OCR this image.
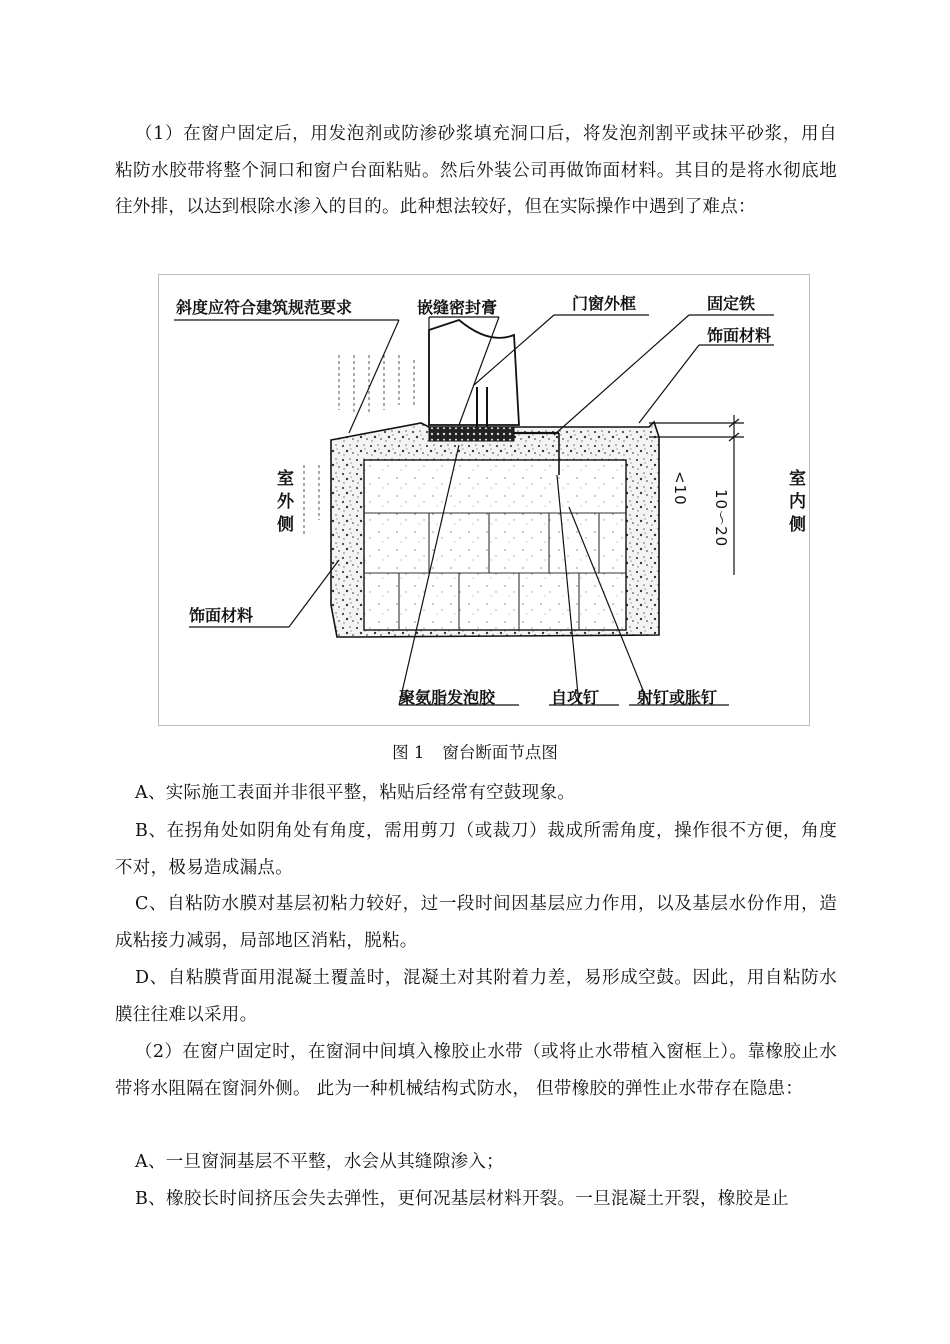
（1）在窗户固定后，用发泡剂或防渗砂浆填充洞口后，将发泡剂割平或抹平砂浆，用自粘防水胶带将整个洞口和窗户台面粘贴。然后外装公司再做饰面材料。其目的是将水彻底地往外排，以达到根除水渗入的目的。此种想法较好，但在实际操作中遇到了难点：

斜度应符合建筑规范要求	嵌缝密封膏	门窗外框	固定铁
饰面材料
室外侧	室内侧
<10
10～20
饰面材料
聚氨脂发泡胶	自攻钉 射钉或胀钉
图 1 窗台断面节点图

A、实际施工表面并非很平整，粘贴后经常有空鼓现象。

B、在拐角处如阴角处有角度，需用剪刀（或裁刀）裁成所需角度，操作很不方便，角度不对，极易造成漏点。

C、自粘防水膜对基层初粘力较好，过一段时间因基层应力作用，以及基层水份作用，造成粘接力减弱，局部地区消粘，脱粘。

D、自粘膜背面用混凝土覆盖时，混凝土对其附着力差，易形成空鼓。因此，用自粘防水膜往往难以采用。

（2）在窗户固定时，在窗洞中间填入橡胶止水带（或将止水带植入窗框上）。靠橡胶止水带将水阻隔在窗洞外侧。 此为一种机械结构式防水， 但带橡胶的弹性止水带存在隐患：

A、一旦窗洞基层不平整，水会从其缝隙渗入；

B、橡胶长时间挤压会失去弹性，更何况基层材料开裂。一旦混凝土开裂，橡胶是止
